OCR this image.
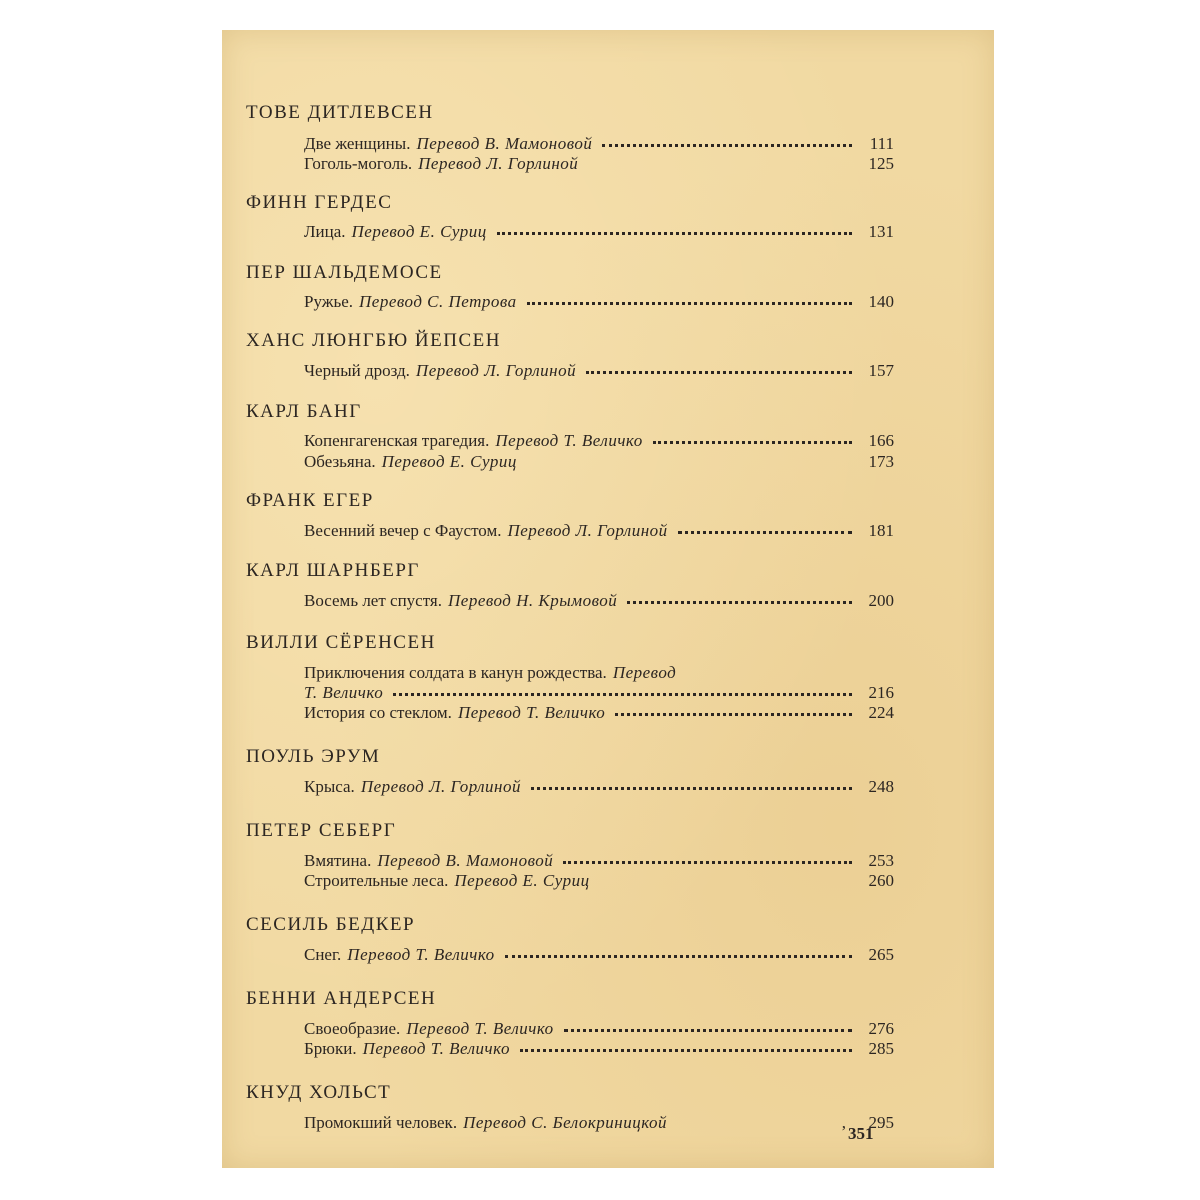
ТОВЕ ДИТЛЕВСЕН
Две женщины. Перевод В. Мамоновой	111
Гоголь-моголь. Перевод Л. Горлиной	125
ФИНН ГЕРДЕС
Лица. Перевод Е. Суриц	131
ПЕР ШАЛЬДЕМОСЕ
Ружье. Перевод С. Петрова	140
ХАНС ЛЮНГБЮ ЙЕПСЕН
Черный дрозд. Перевод Л. Горлиной	157
КАРЛ БАНГ
Копенгагенская трагедия. Перевод Т. Величко	166
Обезьяна. Перевод Е. Суриц	173
ФРАНК ЕГЕР
Весенний вечер с Фаустом. Перевод Л. Горлиной	181
КАРЛ ШАРНБЕРГ
Восемь лет спустя. Перевод Н. Крымовой	200
ВИЛЛИ СЁРЕНСЕН
Приключения солдата в канун рождества. Перевод
Т. Величко	216
История со стеклом. Перевод Т. Величко	224
ПОУЛЬ ЭРУМ
Крыса. Перевод Л. Горлиной	248
ПЕТЕР СЕБЕРГ
Вмятина. Перевод В. Мамоновой	253
Строительные леса. Перевод Е. Суриц	260
СЕСИЛЬ БЕДКЕР
Снег. Перевод Т. Величко	265
БЕННИ АНДЕРСЕН
Своеобразие. Перевод Т. Величко	276
Брюки. Перевод Т. Величко	285
КНУД ХОЛЬСТ
Промокший человек. Перевод С. Белокриницкой	,	295
351
